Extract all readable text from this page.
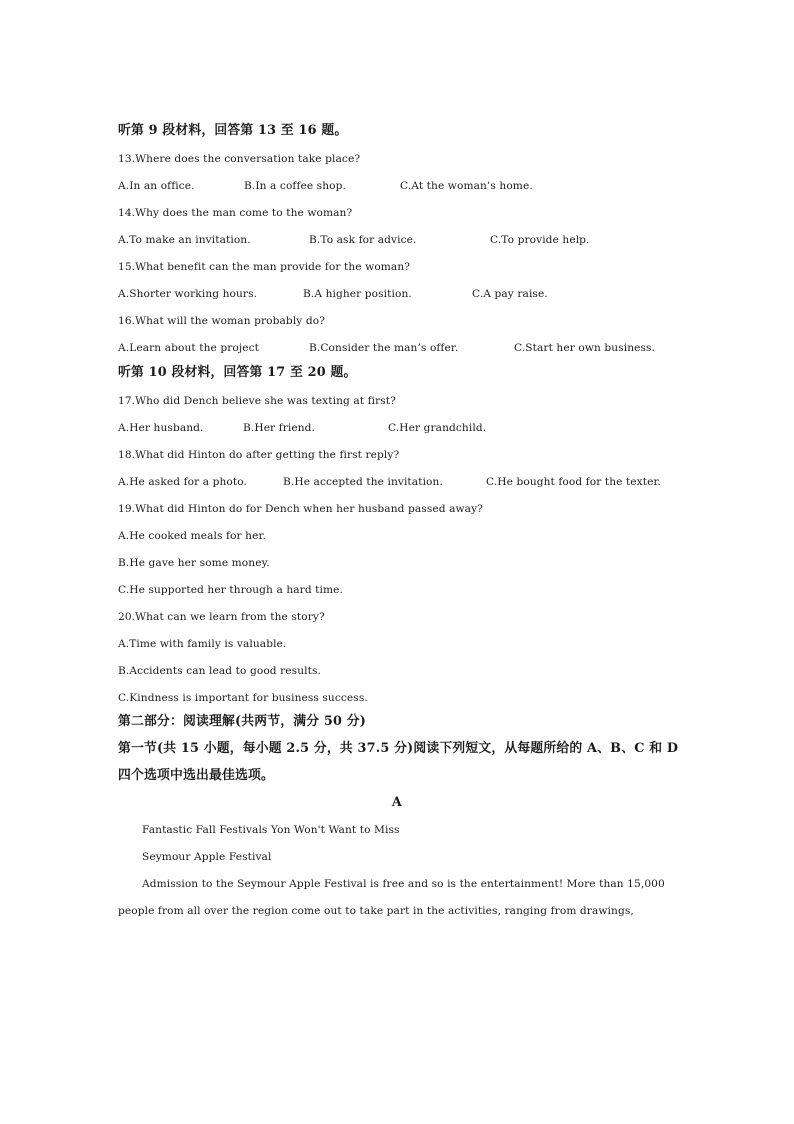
听第 9 段材料，回答第 13 至 16 题。
13.Where does the conversation take place?
A.In an office.	B.In a coffee shop.	C.At the woman’s home.
14.Why does the man come to the woman?
A.To make an invitation.	B.To ask for advice.	C.To provide help.
15.What benefit can the man provide for the woman?
A.Shorter working hours.	B.A higher position.	C.A pay raise.
16.What will the woman probably do?
A.Learn about the project	B.Consider the man’s offer.	C.Start her own business.
听第 10 段材料，回答第 17 至 20 题。
17.Who did Dench believe she was texting at first?
A.Her husband.	B.Her friend.	C.Her grandchild.
18.What did Hinton do after getting the first reply?
A.He asked for a photo.	B.He accepted the invitation.	C.He bought food for the texter.
19.What did Hinton do for Dench when her husband passed away?
A.He cooked meals for her.
B.He gave her some money.
C.He supported her through a hard time.
20.What can we learn from the story?
A.Time with family is valuable.
B.Accidents can lead to good results.
C.Kindness is important for business success.
第二部分：阅读理解(共两节，满分 50 分)
第一节(共 15 小题，每小题 2.5 分，共 37.5 分)阅读下列短文，从每题所给的 A、B、C 和 D
四个选项中选出最佳选项。
A
Fantastic Fall Festivals Yon Won't Want to Miss
Seymour Apple Festival
Admission to the Seymour Apple Festival is free and so is the entertainment! More than 15,000
people from all over the region come out to take part in the activities, ranging from drawings,
